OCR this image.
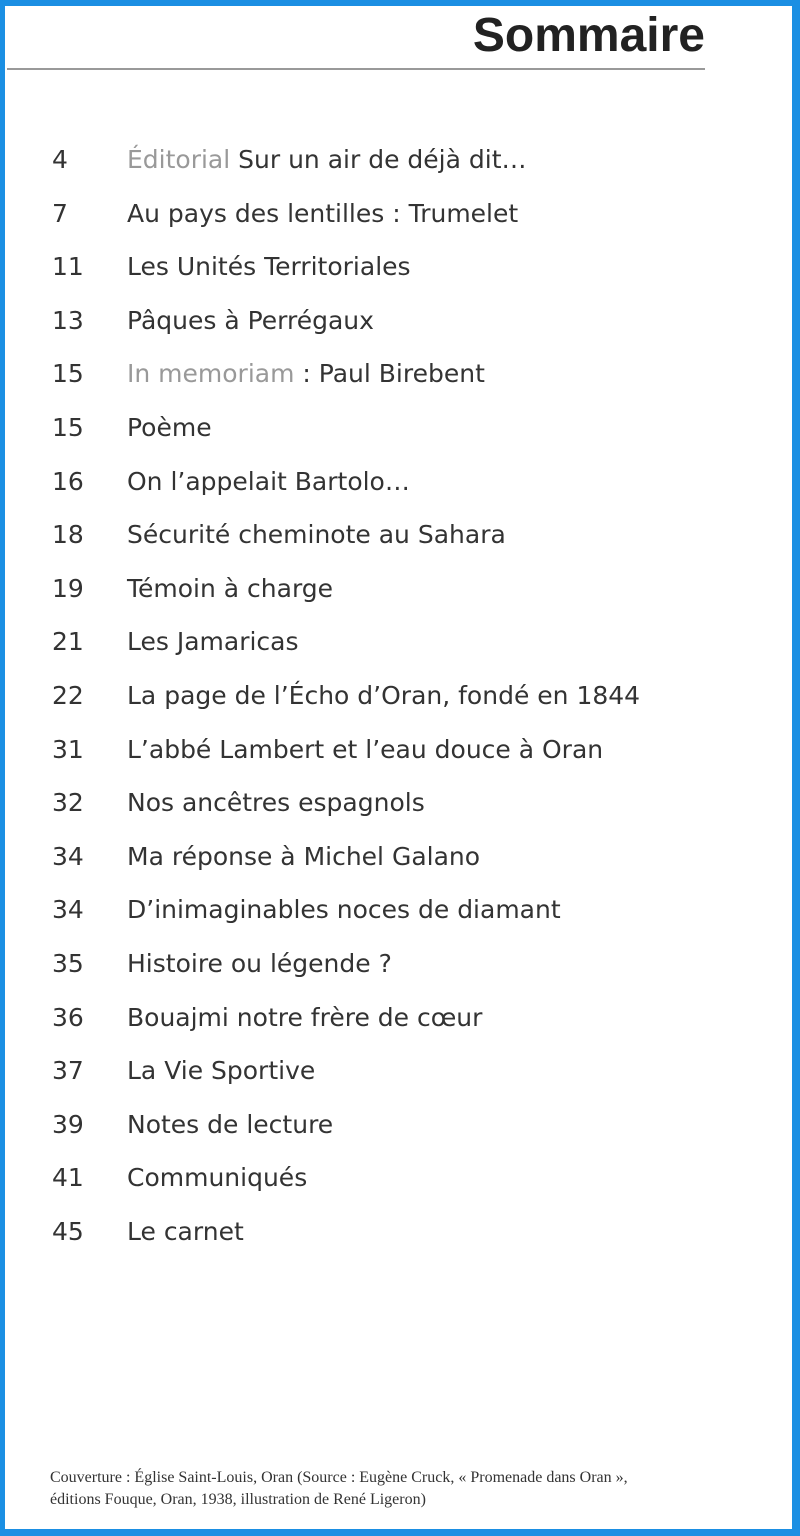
Sommaire
4 Éditorial Sur un air de déjà dit…
7 Au pays des lentilles : Trumelet
11 Les Unités Territoriales
13 Pâques à Perrégaux
15 In memoriam : Paul Birebent
15 Poème
16 On l’appelait Bartolo…
18 Sécurité cheminote au Sahara
19 Témoin à charge
21 Les Jamaricas
22 La page de l’Écho d’Oran, fondé en 1844
31 L’abbé Lambert et l’eau douce à Oran
32 Nos ancêtres espagnols
34 Ma réponse à Michel Galano
34 D’inimaginables noces de diamant
35 Histoire ou légende ?
36 Bouajmi notre frère de cœur
37 La Vie Sportive
39 Notes de lecture
41 Communiqués
45 Le carnet
Couverture : Église Saint-Louis, Oran (Source : Eugène Cruck, « Promenade dans Oran »,
éditions Fouque, Oran, 1938, illustration de René Ligeron)
